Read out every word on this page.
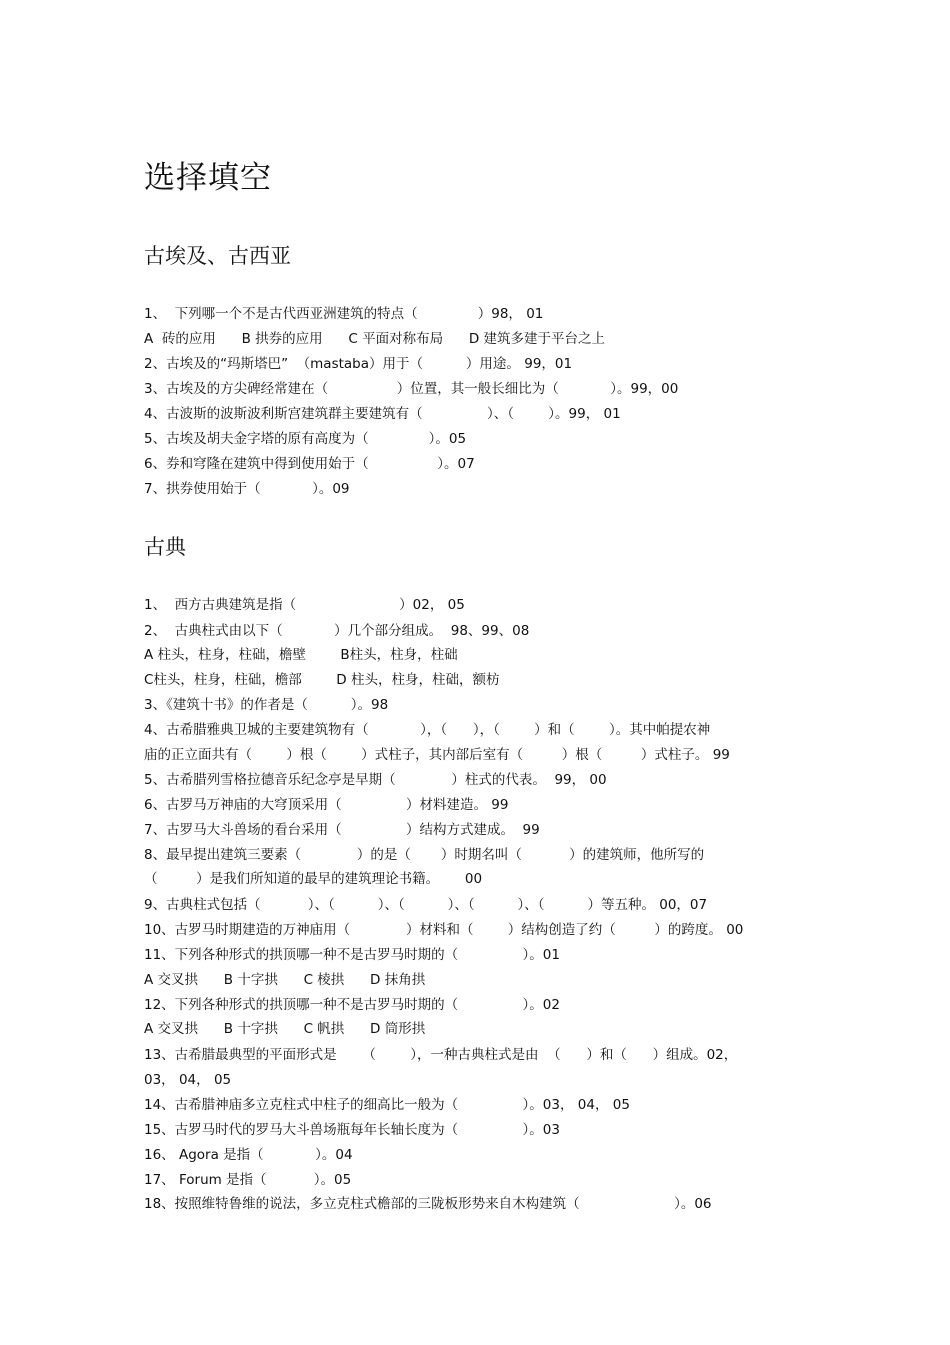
选择填空
古埃及、古西亚
1、  下列哪一个不是古代西亚洲建筑的特点（              ）98， 01
A  砖的应用      B 拱券的应用      C 平面对称布局      D 建筑多建于平台之上
2、古埃及的“玛斯塔巴”  （mastaba）用于（          ）用途。 99，01
3、古埃及的方尖碑经常建在（                ）位置，其一般长细比为（            ）。99，00
4、古波斯的波斯波利斯宫建筑群主要建筑有（               ）、（        ）。99， 01
5、古埃及胡夫金字塔的原有高度为（              ）。05
6、券和穹隆在建筑中得到使用始于（                ）。07
7、拱券使用始于（            ）。09
古典
1、  西方古典建筑是指（                        ）02， 05
2、  古典柱式由以下（            ）几个部分组成。  98、99、08
A 柱头，柱身，柱础，檐壁        B柱头，柱身，柱础
C柱头，柱身，柱础，檐部        D 柱头，柱身，柱础，额枋
3、《建筑十书》的作者是（          ）。98
4、古希腊雅典卫城的主要建筑物有（            ），（      ），（        ）和（        ）。其中帕提农神
庙的正立面共有（        ）根（        ）式柱子，其内部后室有（         ）根（         ）式柱子。 99
5、古希腊列雪格拉德音乐纪念亭是早期（             ）柱式的代表。  99， 00
6、古罗马万神庙的大穹顶采用（               ）材料建造。 99
7、古罗马大斗兽场的看台采用（               ）结构方式建成。  99
8、最早提出建筑三要素（             ）的是（       ）时期名叫（           ）的建筑师，他所写的
（         ）是我们所知道的最早的建筑理论书籍。      00
9、古典柱式包括（           ）、（          ）、（          ）、（          ）、（          ）等五种。 00，07
10、古罗马时期建造的万神庙用（             ）材料和（        ）结构创造了约（         ）的跨度。 00
11、下列各种形式的拱顶哪一种不是古罗马时期的（               ）。01
A 交叉拱      B 十字拱      C 棱拱      D 抹角拱
12、下列各种形式的拱顶哪一种不是古罗马时期的（               ）。02
A 交叉拱      B 十字拱      C 帆拱      D 筒形拱
13、古希腊最典型的平面形式是      （        ），一种古典柱式是由  （      ）和（      ）组成。02，
03， 04， 05
14、古希腊神庙多立克柱式中柱子的细高比一般为（               ）。03， 04， 05
15、古罗马时代的罗马大斗兽场瓶每年长轴长度为（               ）。03
16、 Agora 是指（            ）。04
17、 Forum 是指（           ）。05
18、按照维特鲁维的说法，多立克柱式檐部的三陇板形势来自木构建筑（                      ）。06
